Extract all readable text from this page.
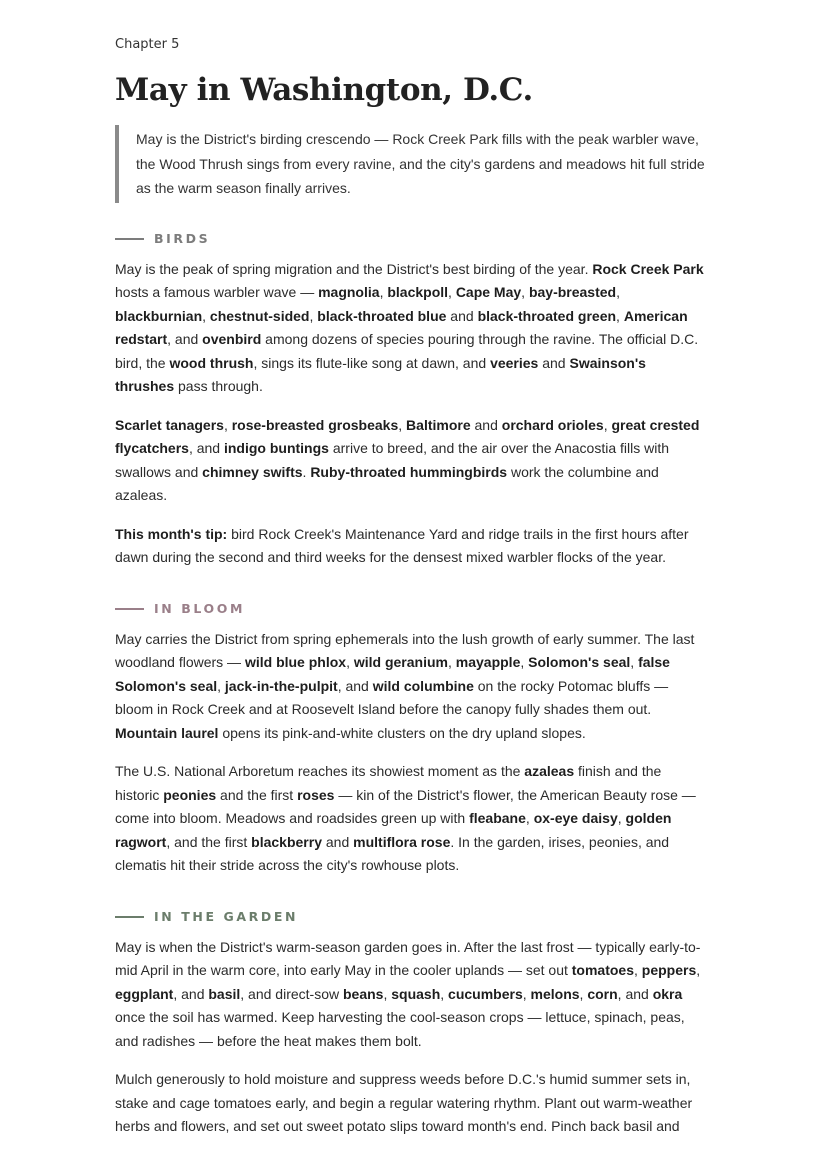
Chapter 5
May in Washington, D.C.
May is the District's birding crescendo — Rock Creek Park fills with the peak warbler wave, the Wood Thrush sings from every ravine, and the city's gardens and meadows hit full stride as the warm season finally arrives.
BIRDS

May is the peak of spring migration and the District's best birding of the year. Rock Creek Park hosts a famous warbler wave — magnolia, blackpoll, Cape May, bay-breasted, blackburnian, chestnut-sided, black-throated blue and black-throated green, American redstart, and ovenbird among dozens of species pouring through the ravine. The official D.C. bird, the wood thrush, sings its flute-like song at dawn, and veeries and Swainson's thrushes pass through.

Scarlet tanagers, rose-breasted grosbeaks, Baltimore and orchard orioles, great crested flycatchers, and indigo buntings arrive to breed, and the air over the Anacostia fills with swallows and chimney swifts. Ruby-throated hummingbirds work the columbine and azaleas.

This month's tip: bird Rock Creek's Maintenance Yard and ridge trails in the first hours after dawn during the second and third weeks for the densest mixed warbler flocks of the year.

IN BLOOM

May carries the District from spring ephemerals into the lush growth of early summer. The last woodland flowers — wild blue phlox, wild geranium, mayapple, Solomon's seal, false Solomon's seal, jack-in-the-pulpit, and wild columbine on the rocky Potomac bluffs — bloom in Rock Creek and at Roosevelt Island before the canopy fully shades them out. Mountain laurel opens its pink-and-white clusters on the dry upland slopes.

The U.S. National Arboretum reaches its showiest moment as the azaleas finish and the historic peonies and the first roses — kin of the District's flower, the American Beauty rose — come into bloom. Meadows and roadsides green up with fleabane, ox-eye daisy, golden ragwort, and the first blackberry and multiflora rose. In the garden, irises, peonies, and clematis hit their stride across the city's rowhouse plots.

IN THE GARDEN

May is when the District's warm-season garden goes in. After the last frost — typically early-to-mid April in the warm core, into early May in the cooler uplands — set out tomatoes, peppers, eggplant, and basil, and direct-sow beans, squash, cucumbers, melons, corn, and okra once the soil has warmed. Keep harvesting the cool-season crops — lettuce, spinach, peas, and radishes — before the heat makes them bolt.

Mulch generously to hold moisture and suppress weeds before D.C.'s humid summer sets in, stake and cage tomatoes early, and begin a regular watering rhythm. Plant out warm-weather herbs and flowers, and set out sweet potato slips toward month's end. Pinch back basil and
